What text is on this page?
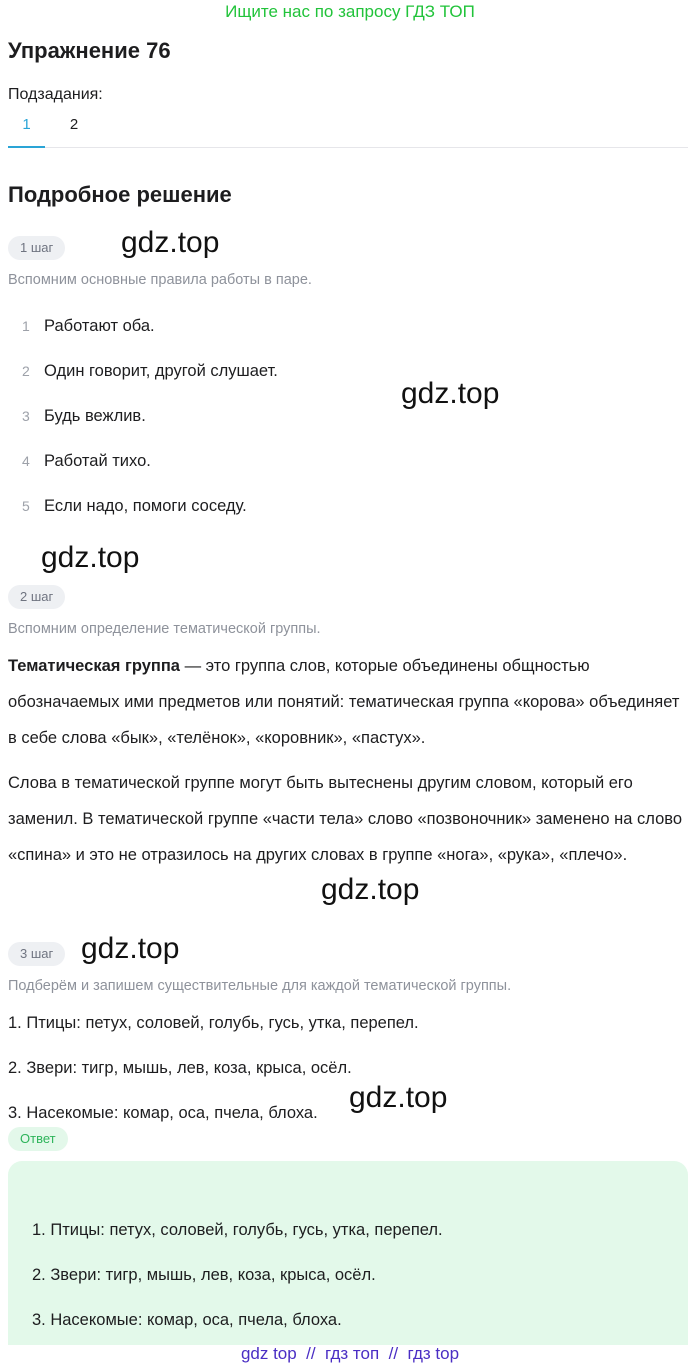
Ищите нас по запросу ГДЗ ТОП
Упражнение 76
Подзадания:
1	2
Подробное решение
1 шаг	gdz.top
Вспомним основные правила работы в паре.
1 Работают оба.
2 Один говорит, другой слушает.
3 Будь вежлив.
4 Работай тихо.
5 Если надо, помоги соседу.
gdz.top
gdz.top
2 шаг
Вспомним определение тематической группы.
Тематическая группа — это группа слов, которые объединены общностью обозначаемых ими предметов или понятий: тематическая группа «корова» объединяет в себе слова «бык», «телёнок», «коровник», «пастух».
Слова в тематической группе могут быть вытеснены другим словом, который его заменил. В тематической группе «части тела» слово «позвоночник» заменено на слово «спина» и это не отразилось на других словах в группе «нога», «рука», «плечо».
gdz.top
3 шаг gdz.top
Подберём и запишем существительные для каждой тематической группы.
1. Птицы: петух, соловей, голубь, гусь, утка, перепел.
2. Звери: тигр, мышь, лев, коза, крыса, осёл.
3. Насекомые: комар, оса, пчела, блоха. gdz.top
Ответ
1. Птицы: петух, соловей, голубь, гусь, утка, перепел.
2. Звери: тигр, мышь, лев, коза, крыса, осёл.
3. Насекомые: комар, оса, пчела, блоха.
gdz top  //  гдз топ  //  гдз top
